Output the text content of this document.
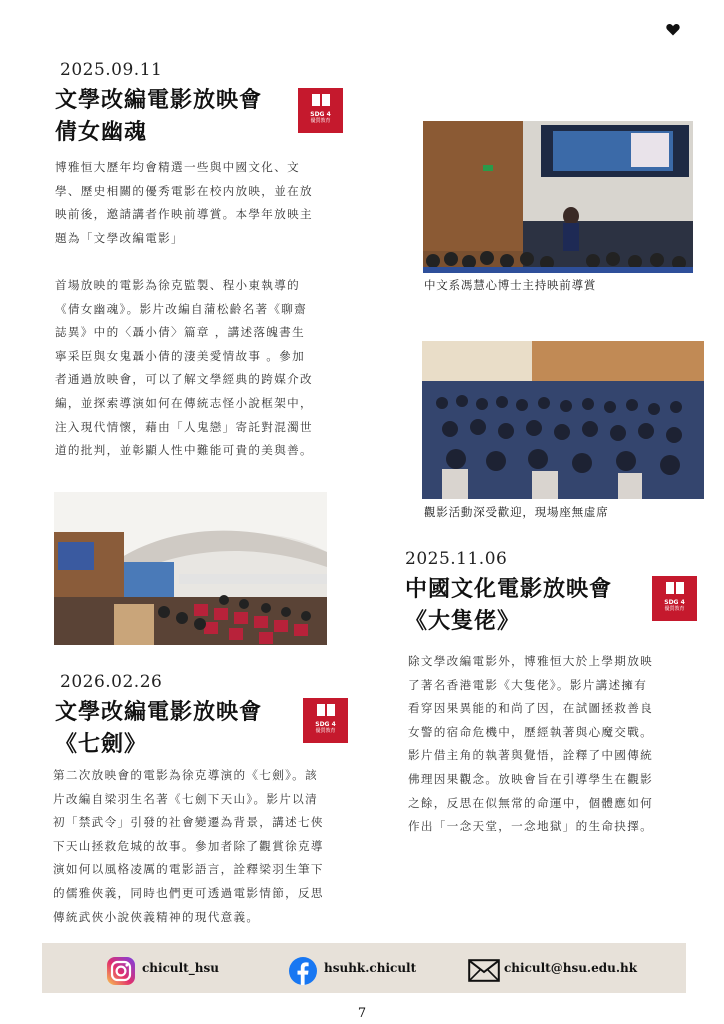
2025.09.11
文學改編電影放映會
倩女幽魂
SDG 4
優質教育
博雅恒大歷年均會精選一些與中國文化、文
學、歷史相關的優秀電影在校内放映，並在放
映前後，邀請講者作映前導賞。本學年放映主
題為「文學改編電影」
首場放映的電影為徐克監製、程小東執導的
《倩女幽魂》。影片改編自蒲松齡名著《聊齋
誌異》中的〈聶小倩〉篇章 ，講述落魄書生
寧采臣與女鬼聶小倩的淒美愛情故事 。參加
者通過放映會，可以了解文學經典的跨媒介改
編，並探索導演如何在傳統志怪小說框架中，
注入現代情懷，藉由「人鬼戀」寄託對混濁世
道的批判，並彰顯人性中難能可貴的美與善。
中文系馮慧心博士主持映前導賞
觀影活動深受歡迎，現場座無虛席
2025.11.06
中國文化電影放映會
《大隻佬》
SDG 4
優質教育
除文學改編電影外，博雅恒大於上學期放映
了著名香港電影《大隻佬》。影片講述擁有
看穿因果異能的和尚了因，在試圖拯救善良
女警的宿命危機中，歷經執著與心魔交戰。
影片借主角的執著與覺悟，詮釋了中國傳統
佛理因果觀念。放映會旨在引導學生在觀影
之餘，反思在似無常的命運中，個體應如何
作出「一念天堂，一念地獄」的生命抉擇。
2026.02.26
文學改編電影放映會
《七劍》
SDG 4
優質教育
第二次放映會的電影為徐克導演的《七劍》。該
片改編自梁羽生名著《七劍下天山》。影片以清
初「禁武令」引發的社會變遷為背景，講述七俠
下天山拯救危城的故事。參加者除了觀賞徐克導
演如何以風格凌厲的電影語言，詮釋梁羽生筆下
的儒雅俠義，同時也們更可透過電影情節，反思
傳統武俠小說俠義精神的現代意義。
chicult_hsu	hsuhk.chicult	chicult@hsu.edu.hk
7
